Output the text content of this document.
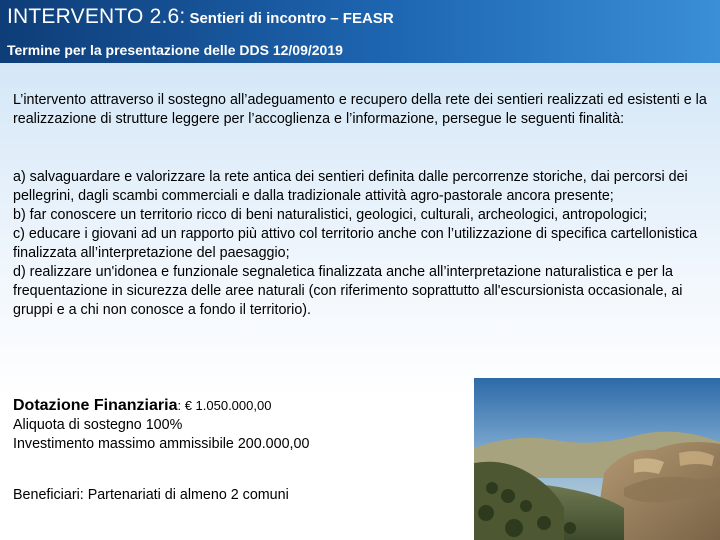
INTERVENTO 2.6: Sentieri di incontro – FEASR
Termine per la presentazione delle DDS 12/09/2019

L’intervento attraverso il sostegno all’adeguamento e recupero della rete dei sentieri realizzati ed esistenti e la realizzazione di strutture leggere per l’accoglienza e l’informazione, persegue le seguenti finalità:

a) salvaguardare e valorizzare la rete antica dei sentieri definita dalle percorrenze storiche, dai percorsi dei pellegrini, dagli scambi commerciali e dalla tradizionale attività agro-pastorale ancora presente;

b) far conoscere un territorio ricco di beni naturalistici, geologici, culturali, archeologici, antropologici;

c) educare i giovani ad un rapporto più attivo col territorio anche con l’utilizzazione di specifica cartellonistica finalizzata all’interpretazione del paesaggio;

d) realizzare un'idonea e funzionale segnaletica finalizzata anche all’interpretazione naturalistica e per la frequentazione in sicurezza delle aree naturali (con riferimento soprattutto all'escursionista occasionale, ai gruppi e a chi non conosce a fondo il territorio).

Dotazione Finanziaria: € 1.050.000,00
Aliquota di sostegno 100%
Investimento massimo ammissibile 200.000,00
Beneficiari: Partenariati di almeno 2 comuni
